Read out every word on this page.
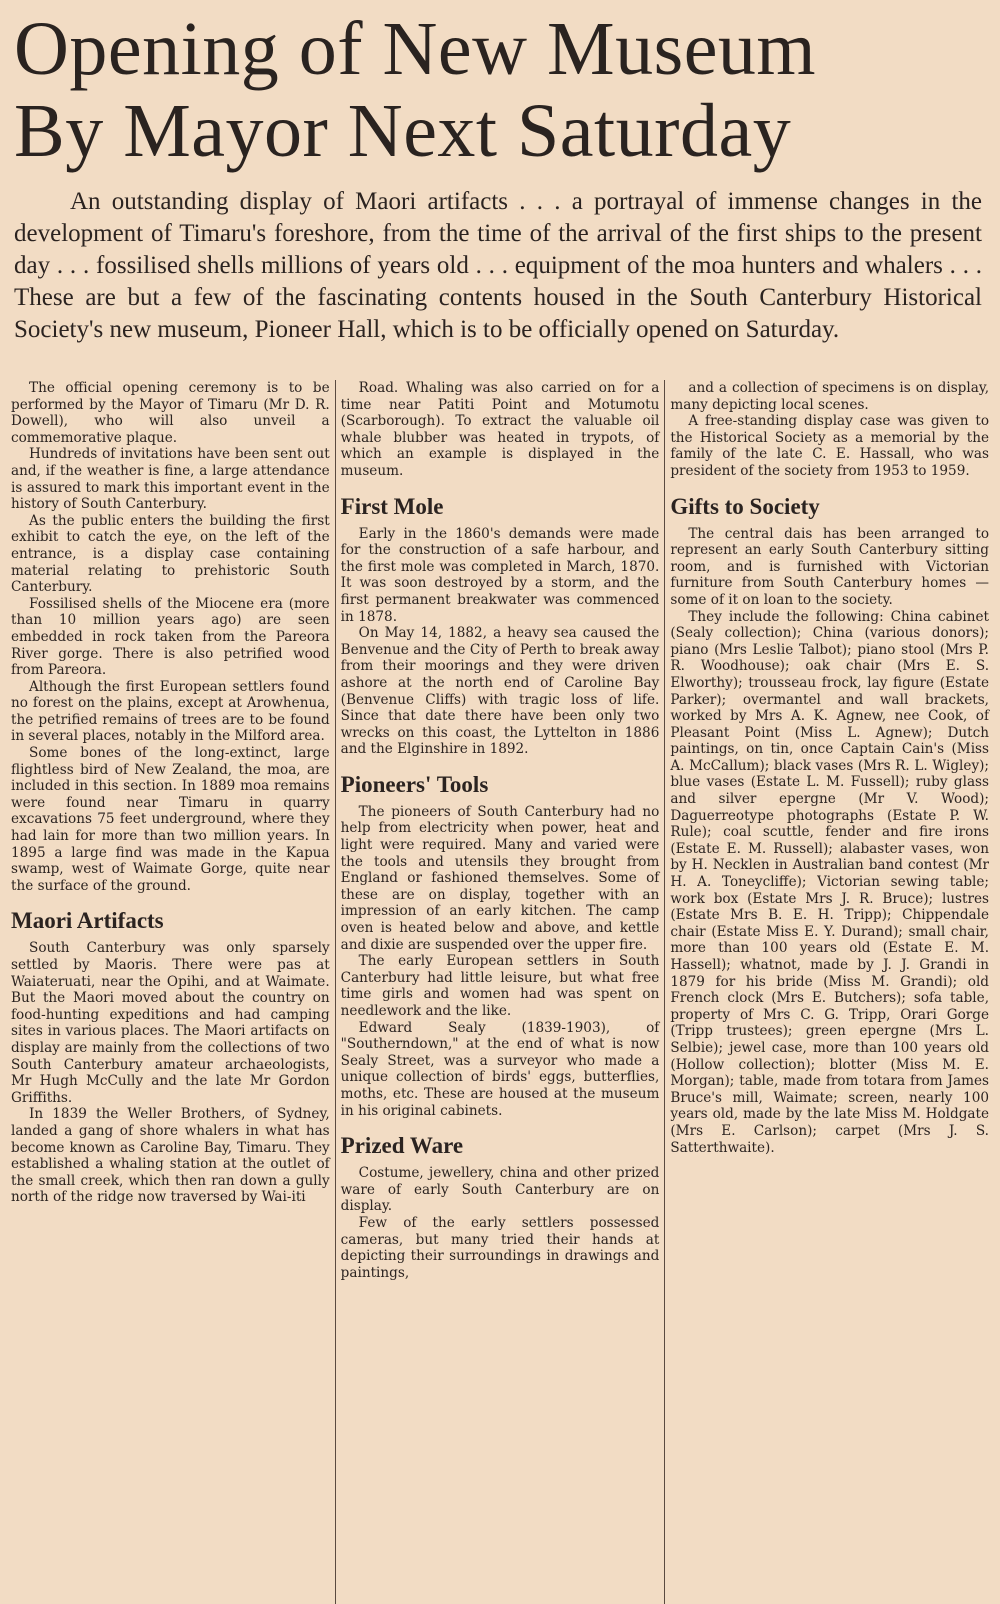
Opening of New Museum
By Mayor Next Saturday

An outstanding display of Maori artifacts . . . a portrayal of immense changes in the development of Timaru's foreshore, from the time of the arrival of the first ships to the present day . . . fossilised shells millions of years old . . . equipment of the moa hunters and whalers . . . These are but a few of the fascinating contents housed in the South Canterbury Historical Society's new museum, Pioneer Hall, which is to be officially opened on Saturday.

The official opening ceremony is to be performed by the Mayor of Timaru (Mr D. R. Dowell), who will also unveil a commemorative plaque.

Hundreds of invitations have been sent out and, if the weather is fine, a large attendance is assured to mark this important event in the history of South Canterbury.

As the public enters the building the first exhibit to catch the eye, on the left of the entrance, is a display case containing material relating to prehistoric South Canterbury.

Fossilised shells of the Miocene era (more than 10 million years ago) are seen embedded in rock taken from the Pareora River gorge. There is also petrified wood from Pareora.

Although the first European settlers found no forest on the plains, except at Arowhenua, the petrified remains of trees are to be found in several places, notably in the Milford area.

Some bones of the long-extinct, large flightless bird of New Zealand, the moa, are included in this section. In 1889 moa remains were found near Timaru in quarry excavations 75 feet underground, where they had lain for more than two million years. In 1895 a large find was made in the Kapua swamp, west of Waimate Gorge, quite near the surface of the ground.

Maori Artifacts

South Canterbury was only sparsely settled by Maoris. There were pas at Waiateruati, near the Opihi, and at Waimate. But the Maori moved about the country on food-hunting expeditions and had camping sites in various places. The Maori artifacts on display are mainly from the collections of two South Canterbury amateur archaeologists, Mr Hugh McCully and the late Mr Gordon Griffiths.

In 1839 the Weller Brothers, of Sydney, landed a gang of shore whalers in what has become known as Caroline Bay, Timaru. They established a whaling station at the outlet of the small creek, which then ran down a gully north of the ridge now traversed by Wai-iti

Road. Whaling was also carried on for a time near Patiti Point and Motumotu (Scarborough). To extract the valuable oil whale blubber was heated in trypots, of which an example is displayed in the museum.

First Mole

Early in the 1860's demands were made for the construction of a safe harbour, and the first mole was completed in March, 1870. It was soon destroyed by a storm, and the first permanent breakwater was commenced in 1878.

On May 14, 1882, a heavy sea caused the Benvenue and the City of Perth to break away from their moorings and they were driven ashore at the north end of Caroline Bay (Benvenue Cliffs) with tragic loss of life. Since that date there have been only two wrecks on this coast, the Lyttelton in 1886 and the Elginshire in 1892.

Pioneers' Tools

The pioneers of South Canterbury had no help from electricity when power, heat and light were required. Many and varied were the tools and utensils they brought from England or fashioned themselves. Some of these are on display, together with an impression of an early kitchen. The camp oven is heated below and above, and kettle and dixie are suspended over the upper fire.

The early European settlers in South Canterbury had little leisure, but what free time girls and women had was spent on needlework and the like.

Edward Sealy (1839-1903), of "Southerndown," at the end of what is now Sealy Street, was a surveyor who made a unique collection of birds' eggs, butterflies, moths, etc. These are housed at the museum in his original cabinets.

Prized Ware

Costume, jewellery, china and other prized ware of early South Canterbury are on display.

Few of the early settlers possessed cameras, but many tried their hands at depicting their surroundings in drawings and paintings,

and a collection of specimens is on display, many depicting local scenes.

A free-standing display case was given to the Historical Society as a memorial by the family of the late C. E. Hassall, who was president of the society from 1953 to 1959.

Gifts to Society

The central dais has been arranged to represent an early South Canterbury sitting room, and is furnished with Victorian furniture from South Canterbury homes — some of it on loan to the society.

They include the following: China cabinet (Sealy collection); China (various donors); piano (Mrs Leslie Talbot); piano stool (Mrs P. R. Woodhouse); oak chair (Mrs E. S. Elworthy); trousseau frock, lay figure (Estate Parker); overmantel and wall brackets, worked by Mrs A. K. Agnew, nee Cook, of Pleasant Point (Miss L. Agnew); Dutch paintings, on tin, once Captain Cain's (Miss A. McCallum); black vases (Mrs R. L. Wigley); blue vases (Estate L. M. Fussell); ruby glass and silver epergne (Mr V. Wood); Daguerreotype photographs (Estate P. W. Rule); coal scuttle, fender and fire irons (Estate E. M. Russell); alabaster vases, won by H. Necklen in Australian band contest (Mr H. A. Toneycliffe); Victorian sewing table; work box (Estate Mrs J. R. Bruce); lustres (Estate Mrs B. E. H. Tripp); Chippendale chair (Estate Miss E. Y. Durand); small chair, more than 100 years old (Estate E. M. Hassell); whatnot, made by J. J. Grandi in 1879 for his bride (Miss M. Grandi); old French clock (Mrs E. Butchers); sofa table, property of Mrs C. G. Tripp, Orari Gorge (Tripp trustees); green epergne (Mrs L. Selbie); jewel case, more than 100 years old (Hollow collection); blotter (Miss M. E. Morgan); table, made from totara from James Bruce's mill, Waimate; screen, nearly 100 years old, made by the late Miss M. Holdgate (Mrs E. Carlson); carpet (Mrs J. S. Satterthwaite).
